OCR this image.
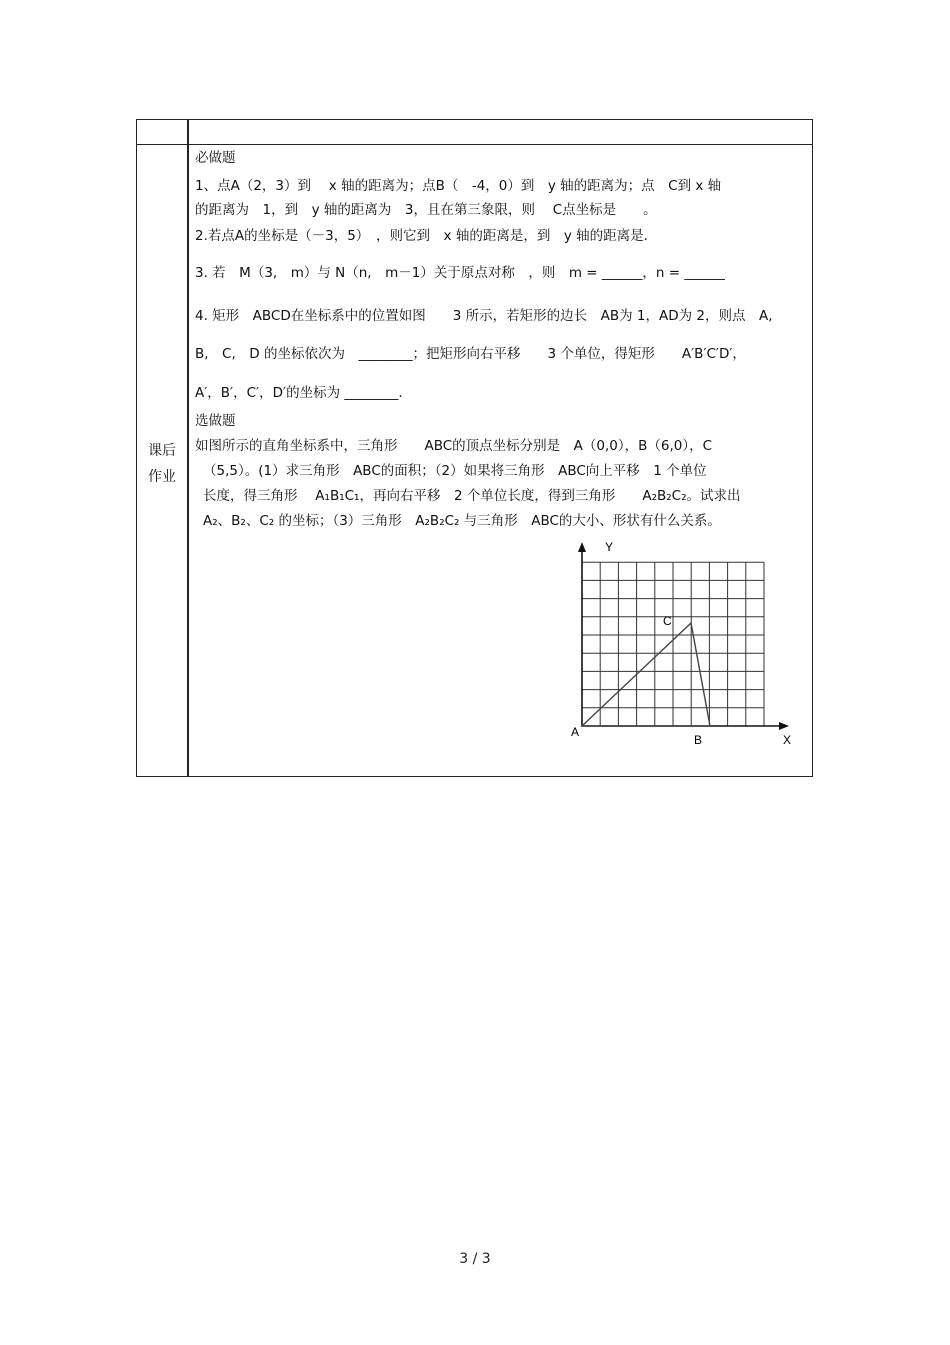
课后
作业
必做题
1、点A（2，3）到　 x 轴的距离为；点B（　-4，0）到　y 轴的距离为；点　C到 x 轴
的距离为　1，到　y 轴的距离为　3，且在第三象限，则　 C点坐标是　　。
2.若点A的坐标是（－3，5）　，则它到　x 轴的距离是，到　y 轴的距离是.
3. 若　M（3,　m）与 N（n,　m－1）关于原点对称　，则　m = ______，n = ______
4. 矩形　ABCD在坐标系中的位置如图　　3 所示，若矩形的边长　AB为 1，AD为 2，则点　A,
B,　C,　D 的坐标依次为　________；把矩形向右平移　　3 个单位，得矩形　　A′B′C′D′，
A′，B′，C′，D′的坐标为 ________.
选做题
如图所示的直角坐标系中，三角形　　ABC的顶点坐标分别是　A（0,0），B（6,0），C
（5,5）。(1）求三角形　ABC的面积；（2）如果将三角形　ABC向上平移　1 个单位
长度，得三角形　 A₁B₁C₁，再向右平移　2 个单位长度，得到三角形　　A₂B₂C₂。试求出
A₂、B₂、C₂ 的坐标；（3）三角形　A₂B₂C₂ 与三角形　ABC的大小、形状有什么关系。
Y
X
A
B
C
3 / 3
